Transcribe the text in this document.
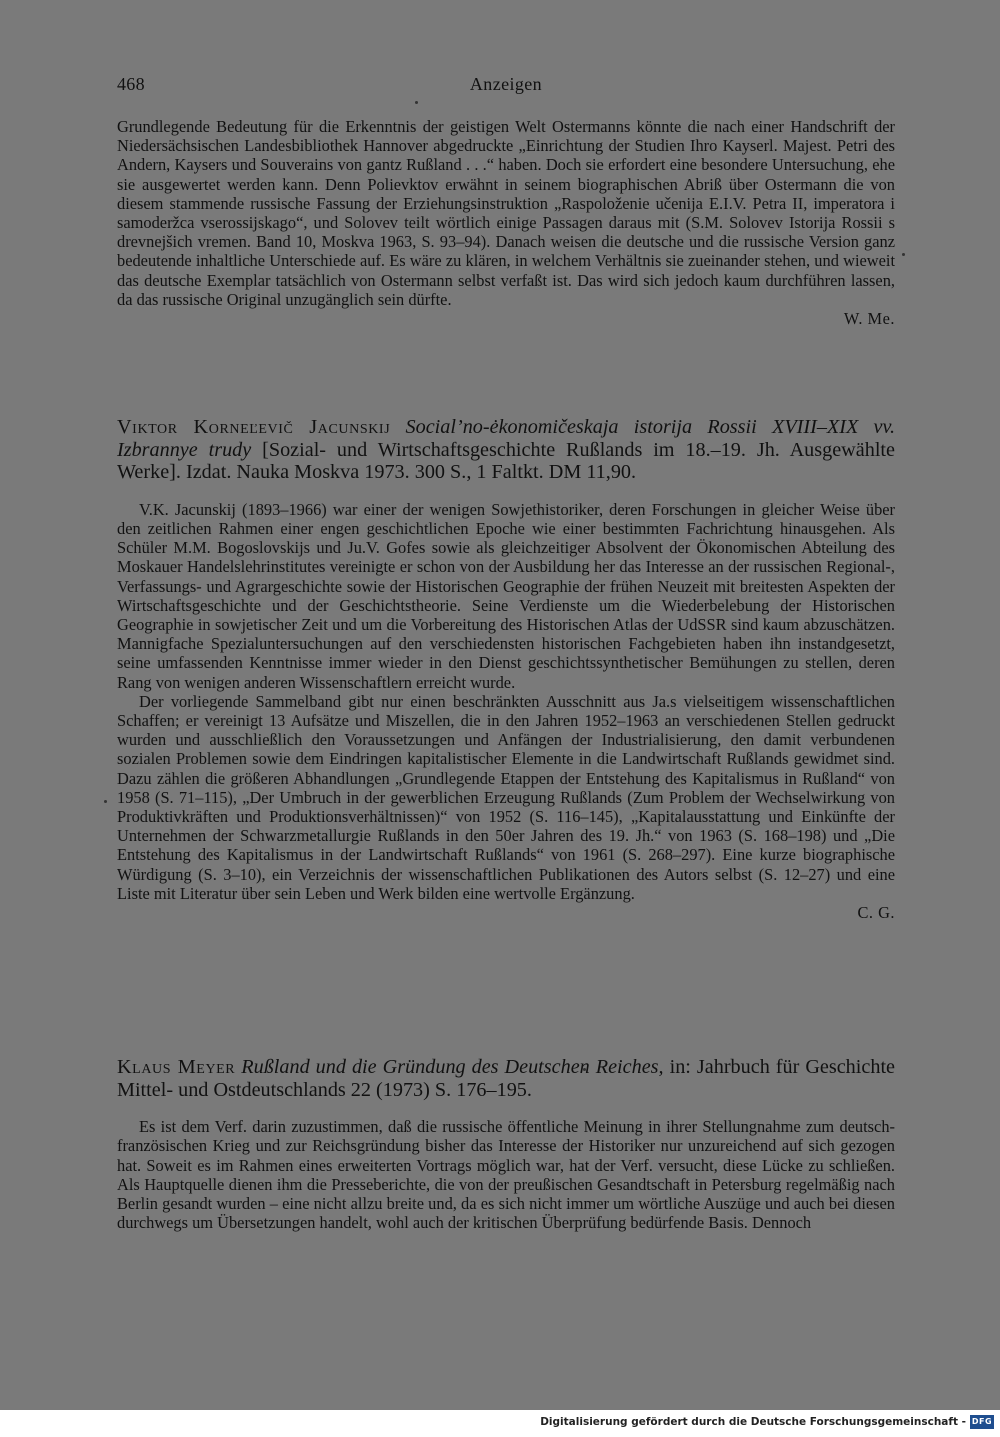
468	Anzeigen

Grundlegende Bedeutung für die Erkenntnis der geistigen Welt Ostermanns könnte die nach einer Handschrift der Niedersächsischen Landesbibliothek Hannover abgedruckte „Einrichtung der Studien Ihro Kayserl. Majest. Petri des Andern, Kaysers und Souverains von gantz Rußland . . .“ haben. Doch sie erfordert eine besondere Untersuchung, ehe sie ausgewertet werden kann. Denn Polievktov erwähnt in seinem biographischen Abriß über Ostermann die von diesem stammende russische Fassung der Erziehungsinstruktion „Raspoloženie učenija E.I.V. Petra II, imperatora i samoderžca vserossijskago“, und Solovev teilt wörtlich einige Passagen daraus mit (S.M. Solovev Istorija Rossii s drevnejšich vremen. Band 10, Moskva 1963, S. 93–94). Danach weisen die deutsche und die russische Version ganz bedeutende inhaltliche Unterschiede auf. Es wäre zu klären, in welchem Verhältnis sie zueinander stehen, und wieweit das deutsche Exemplar tatsächlich von Ostermann selbst verfaßt ist. Das wird sich jedoch kaum durchführen lassen, da das russische Original unzugänglich sein dürfte.

W. Me.

Viktor Korneľevič Jacunskij Social’no-ėkonomičeskaja istorija Rossii XVIII–XIX vv. Izbrannye trudy [Sozial- und Wirtschaftsgeschichte Rußlands im 18.–19. Jh. Ausgewählte Werke]. Izdat. Nauka Moskva 1973. 300 S., 1 Faltkt. DM 11,90.

V.K. Jacunskij (1893–1966) war einer der wenigen Sowjethistoriker, deren Forschungen in gleicher Weise über den zeitlichen Rahmen einer engen geschichtlichen Epoche wie einer bestimmten Fachrichtung hinausgehen. Als Schüler M.M. Bogoslovskijs und Ju.V. Gofes sowie als gleichzeitiger Absolvent der Ökonomischen Abteilung des Moskauer Handelslehrinstitutes vereinigte er schon von der Ausbildung her das Interesse an der russischen Regional-, Verfassungs- und Agrargeschichte sowie der Historischen Geographie der frühen Neuzeit mit breitesten Aspekten der Wirtschaftsgeschichte und der Geschichtstheorie. Seine Verdienste um die Wiederbelebung der Historischen Geographie in sowjetischer Zeit und um die Vorbereitung des Historischen Atlas der UdSSR sind kaum abzuschätzen. Mannigfache Spezialuntersuchungen auf den verschiedensten historischen Fachgebieten haben ihn instandgesetzt, seine umfassenden Kenntnisse immer wieder in den Dienst geschichtssynthetischer Bemühungen zu stellen, deren Rang von wenigen anderen Wissenschaftlern erreicht wurde.

Der vorliegende Sammelband gibt nur einen beschränkten Ausschnitt aus Ja.s vielseitigem wissenschaftlichen Schaffen; er vereinigt 13 Aufsätze und Miszellen, die in den Jahren 1952–1963 an verschiedenen Stellen gedruckt wurden und ausschließlich den Voraussetzungen und Anfängen der Industrialisierung, den damit verbundenen sozialen Problemen sowie dem Eindringen kapitalistischer Elemente in die Landwirtschaft Rußlands gewidmet sind. Dazu zählen die größeren Abhandlungen „Grundlegende Etappen der Entstehung des Kapitalismus in Rußland“ von 1958 (S. 71–115), „Der Umbruch in der gewerblichen Erzeugung Rußlands (Zum Problem der Wechselwirkung von Produktivkräften und Produktionsverhältnissen)“ von 1952 (S. 116–145), „Kapitalausstattung und Einkünfte der Unternehmen der Schwarzmetallurgie Rußlands in den 50er Jahren des 19. Jh.“ von 1963 (S. 168–198) und „Die Entstehung des Kapitalismus in der Landwirtschaft Rußlands“ von 1961 (S. 268–297). Eine kurze biographische Würdigung (S. 3–10), ein Verzeichnis der wissenschaftlichen Publikationen des Autors selbst (S. 12–27) und eine Liste mit Literatur über sein Leben und Werk bilden eine wertvolle Ergänzung.

C. G.

Klaus Meyer Rußland und die Gründung des Deutschen Reiches, in: Jahrbuch für Geschichte Mittel- und Ostdeutschlands 22 (1973) S. 176–195.

Es ist dem Verf. darin zuzustimmen, daß die russische öffentliche Meinung in ihrer Stellungnahme zum deutsch-französischen Krieg und zur Reichsgründung bisher das Interesse der Historiker nur unzureichend auf sich gezogen hat. Soweit es im Rahmen eines erweiterten Vortrags möglich war, hat der Verf. versucht, diese Lücke zu schließen. Als Hauptquelle dienen ihm die Presseberichte, die von der preußischen Gesandtschaft in Petersburg regelmäßig nach Berlin gesandt wurden – eine nicht allzu breite und, da es sich nicht immer um wörtliche Auszüge und auch bei diesen durchwegs um Übersetzungen handelt, wohl auch der kritischen Überprüfung bedürfende Basis. Dennoch

Digitalisierung gefördert durch die Deutsche Forschungsgemeinschaft - DFG
